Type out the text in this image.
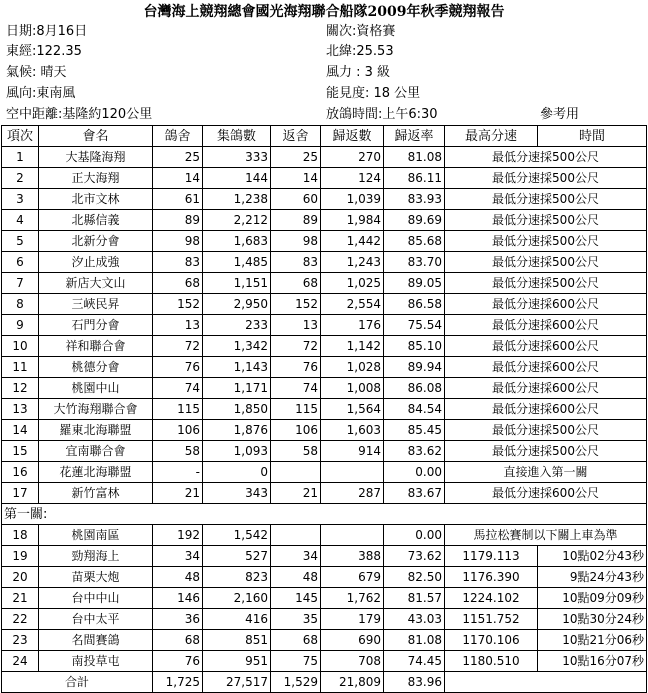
台灣海上競翔總會國光海翔聯合船隊2009年秋季競翔報告
日期:8月16日	關次:資格賽
東經:122.35	北緯:25.53
氣候: 晴天	風力 : 3 級
風向:東南風	能見度: 18 公里
空中距離:基隆約120公里	放鴿時間:上午6:30	參考用
項次	會名	鴿舍	集鴿數	返舍	歸返數	歸返率	最高分速	時間
1	大基隆海翔	25	333	25	270	81.08	最低分速採500公尺	
2	正大海翔	14	144	14	124	86.11	最低分速採500公尺	
3	北市文林	61	1,238	60	1,039	83.93	最低分速採500公尺	
4	北縣信義	89	2,212	89	1,984	89.69	最低分速採500公尺	
5	北新分會	98	1,683	98	1,442	85.68	最低分速採500公尺	
6	汐止成強	83	1,485	83	1,243	83.70	最低分速採500公尺	
7	新店大文山	68	1,151	68	1,025	89.05	最低分速採500公尺	
8	三峽民昇	152	2,950	152	2,554	86.58	最低分速採600公尺	
9	石門分會	13	233	13	176	75.54	最低分速採600公尺	
10	祥和聯合會	72	1,342	72	1,142	85.10	最低分速採600公尺	
11	桃德分會	76	1,143	76	1,028	89.94	最低分速採600公尺	
12	桃園中山	74	1,171	74	1,008	86.08	最低分速採600公尺	
13	大竹海翔聯合會	115	1,850	115	1,564	84.54	最低分速採600公尺	
14	羅東北海聯盟	106	1,876	106	1,603	85.45	最低分速採500公尺	
15	宜南聯合會	58	1,093	58	914	83.62	最低分速採500公尺	
16	花蓮北海聯盟	-	0			0.00	直接進入第一關	
17	新竹富林	21	343	21	287	83.67	最低分速採600公尺	
第一關:								
18	桃園南區	192	1,542			0.00	馬拉松賽制以下關上車為準	
19	勁翔海上	34	527	34	388	73.62	1179.113	10點02分43秒
20	苗栗大炮	48	823	48	679	82.50	1176.390	9點24分43秒
21	台中中山	146	2,160	145	1,762	81.57	1224.102	10點09分09秒
22	台中太平	36	416	35	179	43.03	1151.752	10點30分24秒
23	名間賽鴿	68	851	68	690	81.08	1170.106	10點21分06秒
24	南投草屯	76	951	75	708	74.45	1180.510	10點16分07秒
合計		1,725	27,517	1,529	21,809	83.96		
